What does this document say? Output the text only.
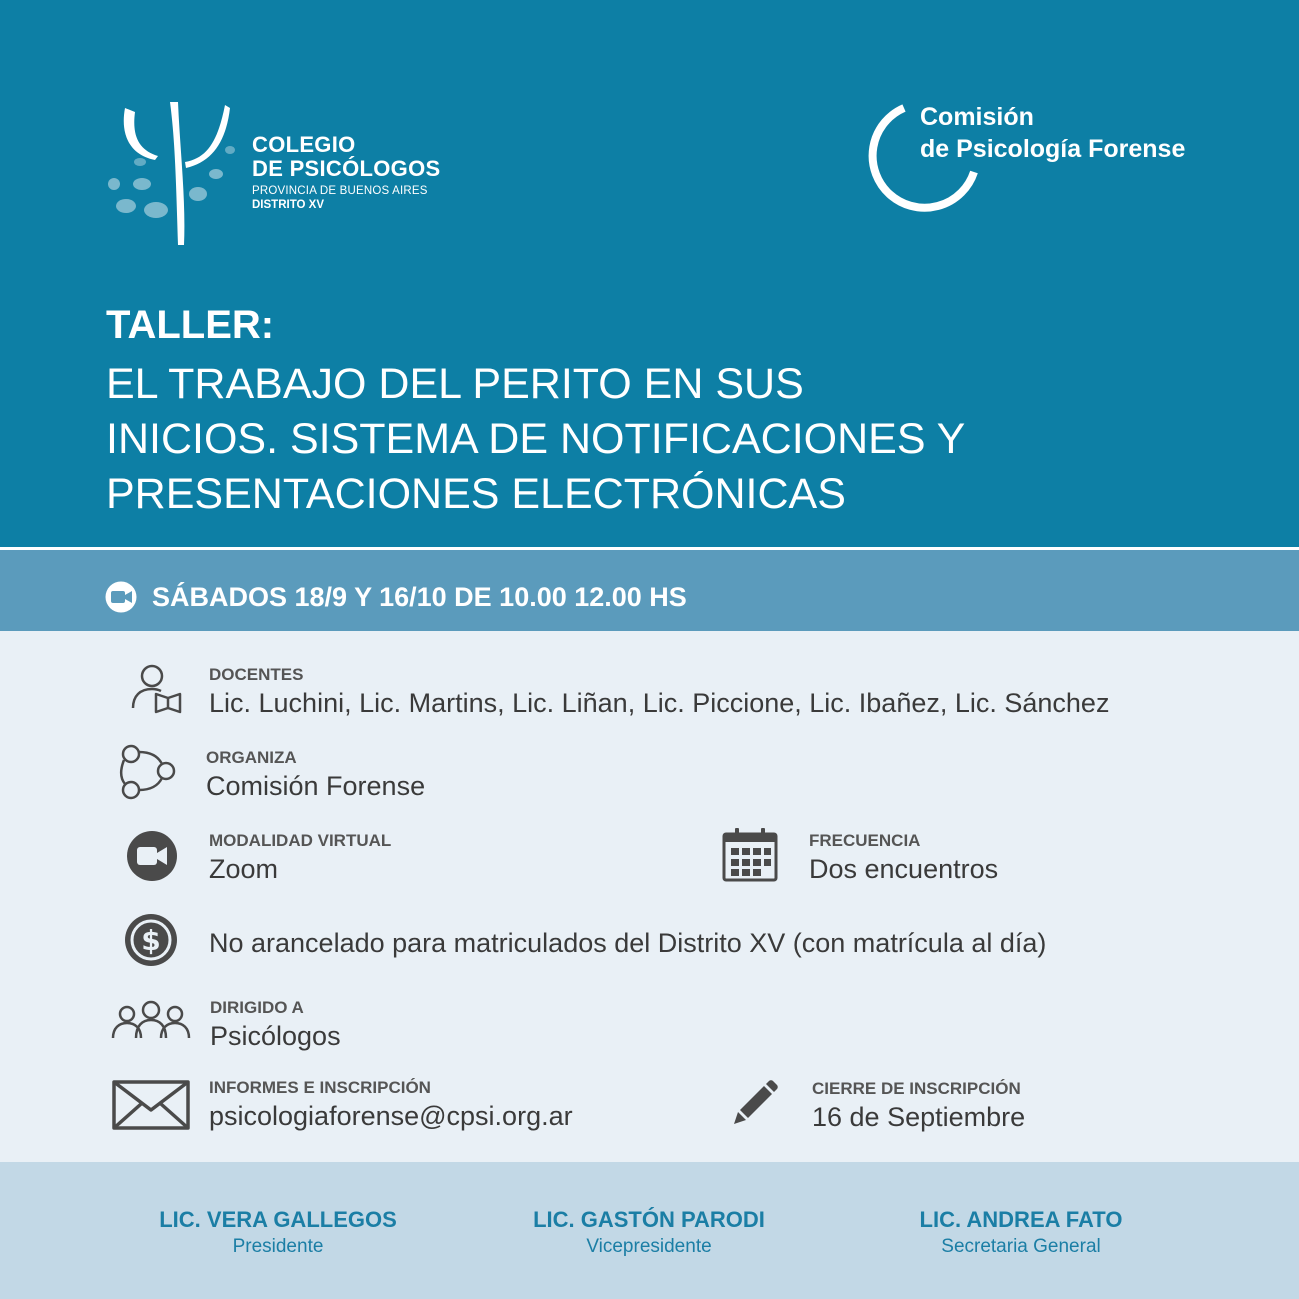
COLEGIO
DE PSICÓLOGOS
PROVINCIA DE BUENOS AIRES
DISTRITO XV
Comisión
de Psicología Forense
TALLER:
EL TRABAJO DEL PERITO EN SUS
INICIOS. SISTEMA DE NOTIFICACIONES Y
PRESENTACIONES ELECTRÓNICAS
SÁBADOS 18/9 Y 16/10 DE 10.00 12.00 HS
DOCENTES
Lic. Luchini, Lic. Martins, Lic. Liñan, Lic. Piccione, Lic. Ibañez, Lic. Sánchez
ORGANIZA
Comisión Forense
MODALIDAD VIRTUAL
Zoom
FRECUENCIA
Dos encuentros
$ No arancelado para matriculados del Distrito XV (con matrícula al día)
DIRIGIDO A
Psicólogos
INFORMES E INSCRIPCIÓN
psicologiaforense@cpsi.org.ar
CIERRE DE INSCRIPCIÓN
16 de Septiembre
LIC. VERA GALLEGOS
Presidente
LIC. GASTÓN PARODI
Vicepresidente
LIC. ANDREA FATO
Secretaria General
